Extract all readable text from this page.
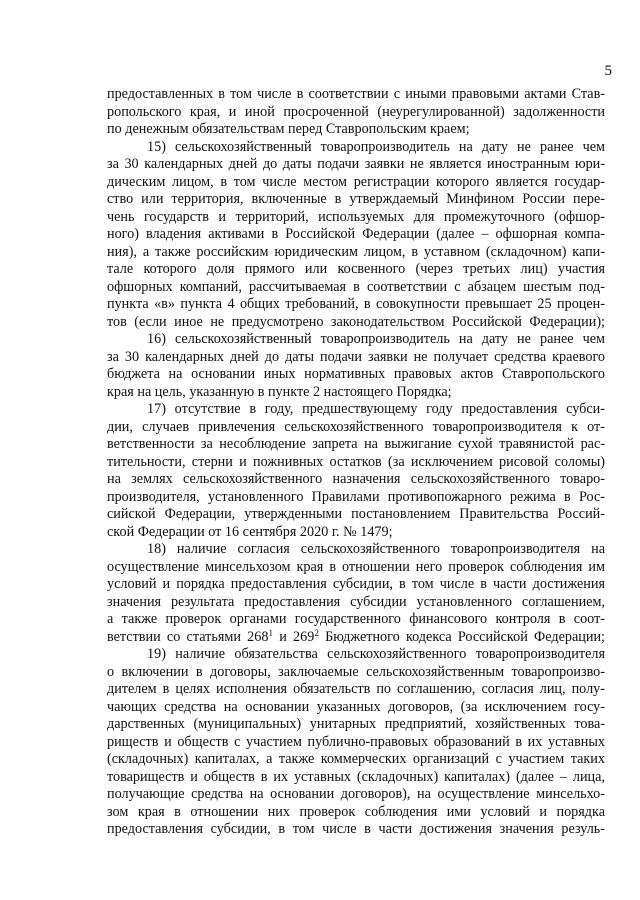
5
предоставленных в том числе в соответствии с иными правовыми актами Став-
ропольского края, и иной просроченной (неурегулированной) задолженности
по денежным обязательствам перед Ставропольским краем;
15) сельскохозяйственный товаропроизводитель на дату не ранее чем
за 30 календарных дней до даты подачи заявки не является иностранным юри-
дическим лицом, в том числе местом регистрации которого является государ-
ство или территория, включенные в утверждаемый Минфином России пере-
чень государств и территорий, используемых для промежуточного (офшор-
ного) владения активами в Российской Федерации (далее – офшорная компа-
ния), а также российским юридическим лицом, в уставном (складочном) капи-
тале которого доля прямого или косвенного (через третьих лиц) участия
офшорных компаний, рассчитываемая в соответствии с абзацем шестым под-
пункта «в» пункта 4 общих требований, в совокупности превышает 25 процен-
тов (если иное не предусмотрено законодательством Российской Федерации);
16) сельскохозяйственный товаропроизводитель на дату не ранее чем
за 30 календарных дней до даты подачи заявки не получает средства краевого
бюджета на основании иных нормативных правовых актов Ставропольского
края на цель, указанную в пункте 2 настоящего Порядка;
17) отсутствие в году, предшествующему году предоставления субси-
дии, случаев привлечения сельскохозяйственного товаропроизводителя к от-
ветственности за несоблюдение запрета на выжигание сухой травянистой рас-
тительности, стерни и пожнивных остатков (за исключением рисовой соломы)
на землях сельскохозяйственного назначения сельскохозяйственного товаро-
производителя, установленного Правилами противопожарного режима в Рос-
сийской Федерации, утвержденными постановлением Правительства Россий-
ской Федерации от 16 сентября 2020 г. № 1479;
18) наличие согласия сельскохозяйственного товаропроизводителя на
осуществление минсельхозом края в отношении него проверок соблюдения им
условий и порядка предоставления субсидии, в том числе в части достижения
значения результата предоставления субсидии установленного соглашением,
а также проверок органами государственного финансового контроля в соот-
ветствии со статьями $268^1$ и $269^2$ Бюджетного кодекса Российской Федерации;
19) наличие обязательства сельскохозяйственного товаропроизводителя
о включении в договоры, заключаемые сельскохозяйственным товаропроизво-
дителем в целях исполнения обязательств по соглашению, согласия лиц, полу-
чающих средства на основании указанных договоров, (за исключением госу-
дарственных (муниципальных) унитарных предприятий, хозяйственных това-
риществ и обществ с участием публично-правовых образований в их уставных
(складочных) капиталах, а также коммерческих организаций с участием таких
товариществ и обществ в их уставных (складочных) капиталах) (далее – лица,
получающие средства на основании договоров), на осуществление минсельхо-
зом края в отношении них проверок соблюдения ими условий и порядка
предоставления субсидии, в том числе в части достижения значения резуль-
